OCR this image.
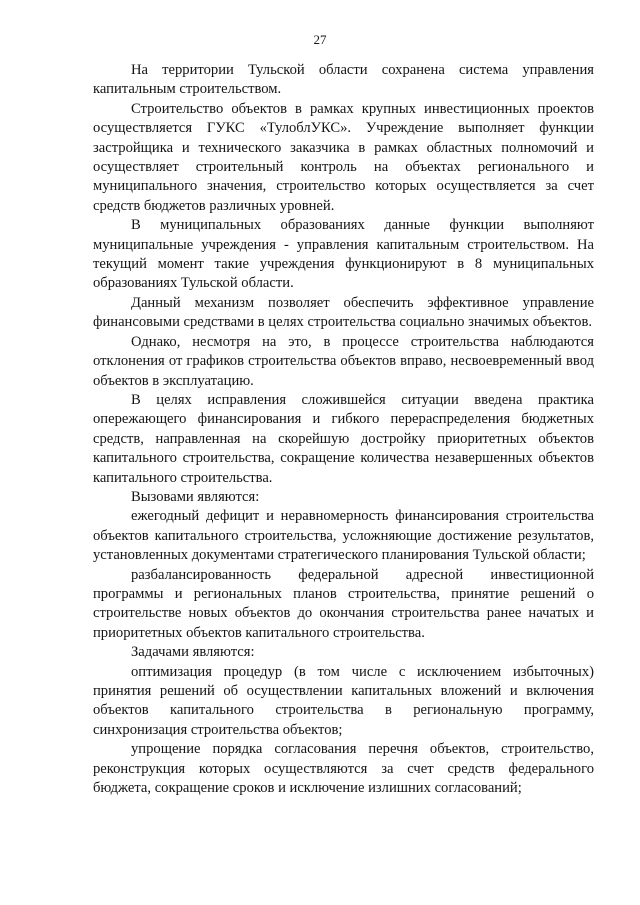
27

На территории Тульской области сохранена система управления капитальным строительством.

Строительство объектов в рамках крупных инвестиционных проектов осуществляется ГУКС «ТулоблУКС». Учреждение выполняет функции застройщика и технического заказчика в рамках областных полномочий и осуществляет строительный контроль на объектах регионального и муниципального значения, строительство которых осуществляется за счет средств бюджетов различных уровней.

В муниципальных образованиях данные функции выполняют муниципальные учреждения - управления капитальным строительством. На текущий момент такие учреждения функционируют в 8 муниципальных образованиях Тульской области.

Данный механизм позволяет обеспечить эффективное управление финансовыми средствами в целях строительства социально значимых объектов.

Однако, несмотря на это, в процессе строительства наблюдаются отклонения от графиков строительства объектов вправо, несвоевременный ввод объектов в эксплуатацию.

В целях исправления сложившейся ситуации введена практика опережающего финансирования и гибкого перераспределения бюджетных средств, направленная на скорейшую достройку приоритетных объектов капитального строительства, сокращение количества незавершенных объектов капитального строительства.

Вызовами являются:

ежегодный дефицит и неравномерность финансирования строительства объектов капитального строительства, усложняющие достижение результатов, установленных документами стратегического планирования Тульской области;

разбалансированность федеральной адресной инвестиционной программы и региональных планов строительства, принятие решений о строительстве новых объектов до окончания строительства ранее начатых и приоритетных объектов капитального строительства.

Задачами являются:

оптимизация процедур (в том числе с исключением избыточных) принятия решений об осуществлении капитальных вложений и включения объектов капитального строительства в региональную программу, синхронизация строительства объектов;

упрощение порядка согласования перечня объектов, строительство, реконструкция которых осуществляются за счет средств федерального бюджета, сокращение сроков и исключение излишних согласований;
